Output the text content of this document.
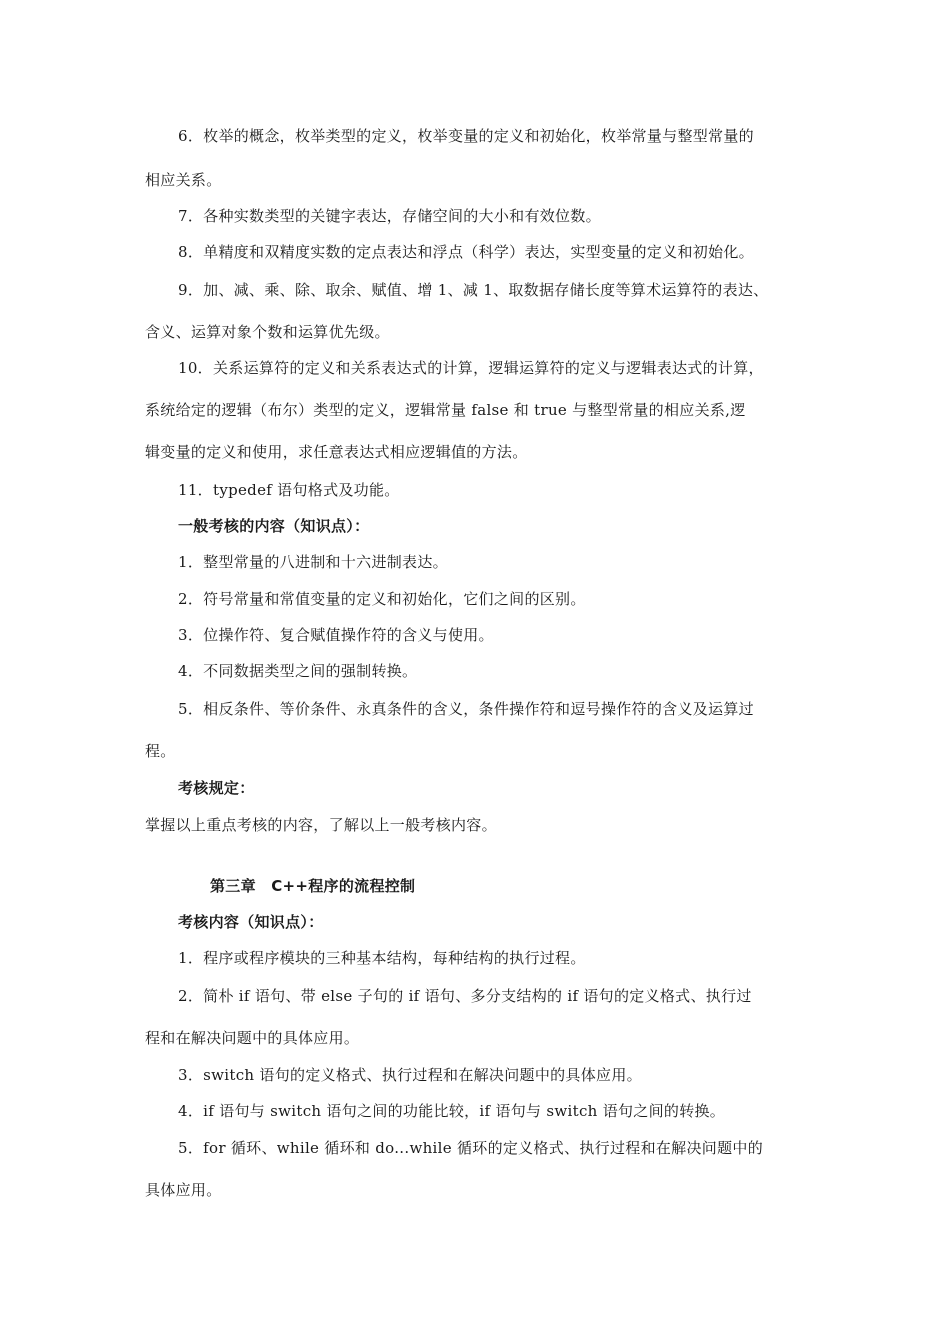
6．枚举的概念，枚举类型的定义，枚举变量的定义和初始化，枚举常量与整型常量的
相应关系。
7．各种实数类型的关键字表达，存储空间的大小和有效位数。
8．单精度和双精度实数的定点表达和浮点（科学）表达，实型变量的定义和初始化。
9．加、减、乘、除、取余、赋值、增 1、减 1、取数据存储长度等算术运算符的表达、
含义、运算对象个数和运算优先级。
10．关系运算符的定义和关系表达式的计算，逻辑运算符的定义与逻辑表达式的计算，
系统给定的逻辑（布尔）类型的定义，逻辑常量 false 和 true 与整型常量的相应关系,逻
辑变量的定义和使用，求任意表达式相应逻辑值的方法。
11．typedef 语句格式及功能。
一般考核的内容（知识点）：
1．整型常量的八进制和十六进制表达。
2．符号常量和常值变量的定义和初始化，它们之间的区别。
3．位操作符、复合赋值操作符的含义与使用。
4．不同数据类型之间的强制转换。
5．相反条件、等价条件、永真条件的含义，条件操作符和逗号操作符的含义及运算过
程。
考核规定：
掌握以上重点考核的内容，了解以上一般考核内容。
第三章　C++程序的流程控制
考核内容（知识点）：
1．程序或程序模块的三种基本结构，每种结构的执行过程。
2．简朴 if 语句、带 else 子句的 if 语句、多分支结构的 if 语句的定义格式、执行过
程和在解决问题中的具体应用。
3．switch 语句的定义格式、执行过程和在解决问题中的具体应用。
4．if 语句与 switch 语句之间的功能比较，if 语句与 switch 语句之间的转换。
5．for 循环、while 循环和 do...while 循环的定义格式、执行过程和在解决问题中的
具体应用。
